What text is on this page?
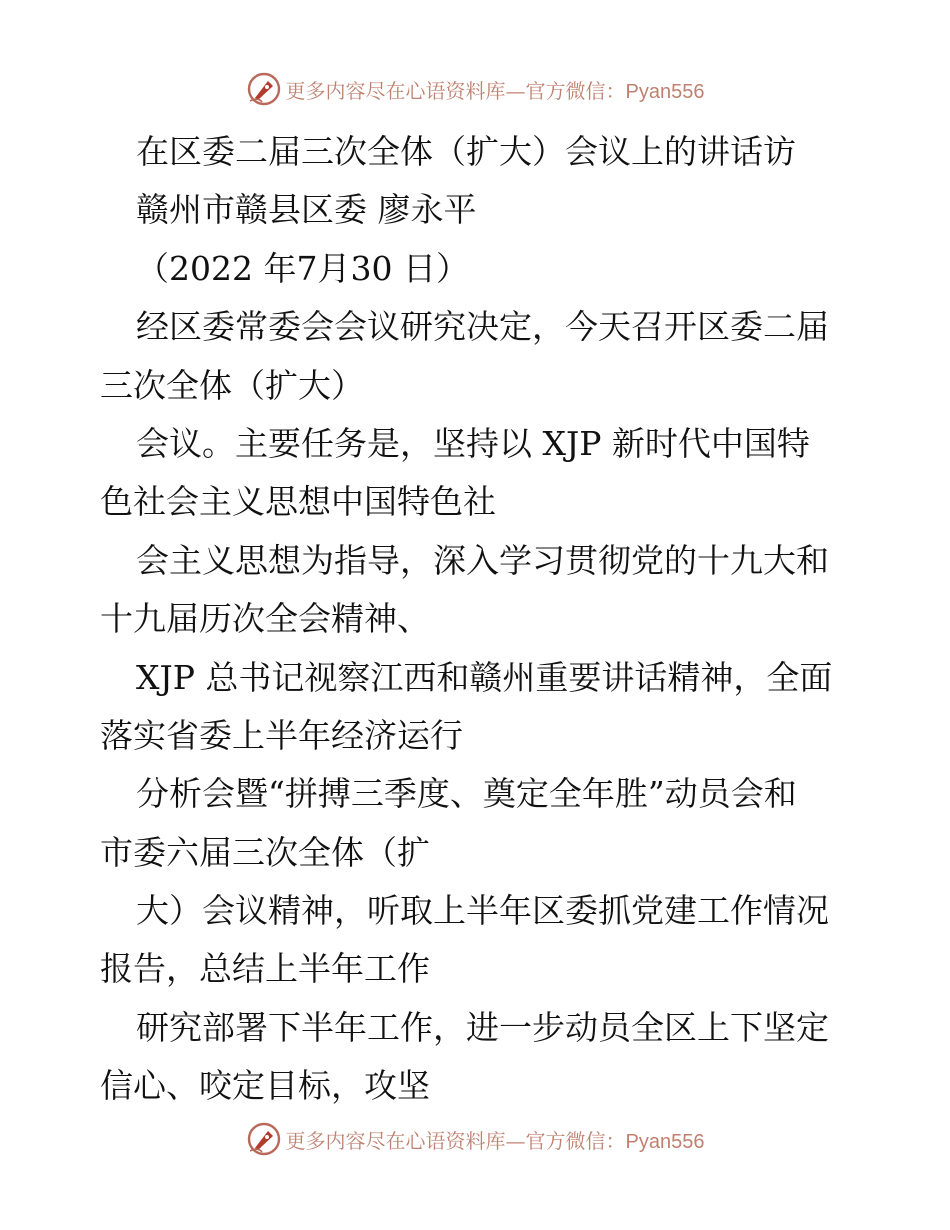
更多内容尽在心语资料库—官方微信：Pyan556
在区委二届三次全体（扩大）会议上的讲话访
赣州市赣县区委 廖永平
（2022 年7月30 日）
经区委常委会会议研究决定，今天召开区委二届
三次全体（扩大）
会议。主要任务是，坚持以 XJP 新时代中国特
色社会主义思想中国特色社
会主义思想为指导，深入学习贯彻党的十九大和
十九届历次全会精神、
XJP 总书记视察江西和赣州重要讲话精神，全面
落实省委上半年经济运行
分析会暨“拼搏三季度、奠定全年胜”动员会和
市委六届三次全体（扩
大）会议精神，听取上半年区委抓党建工作情况
报告，总结上半年工作
研究部署下半年工作，进一步动员全区上下坚定
信心、咬定目标，攻坚
更多内容尽在心语资料库—官方微信：Pyan556
